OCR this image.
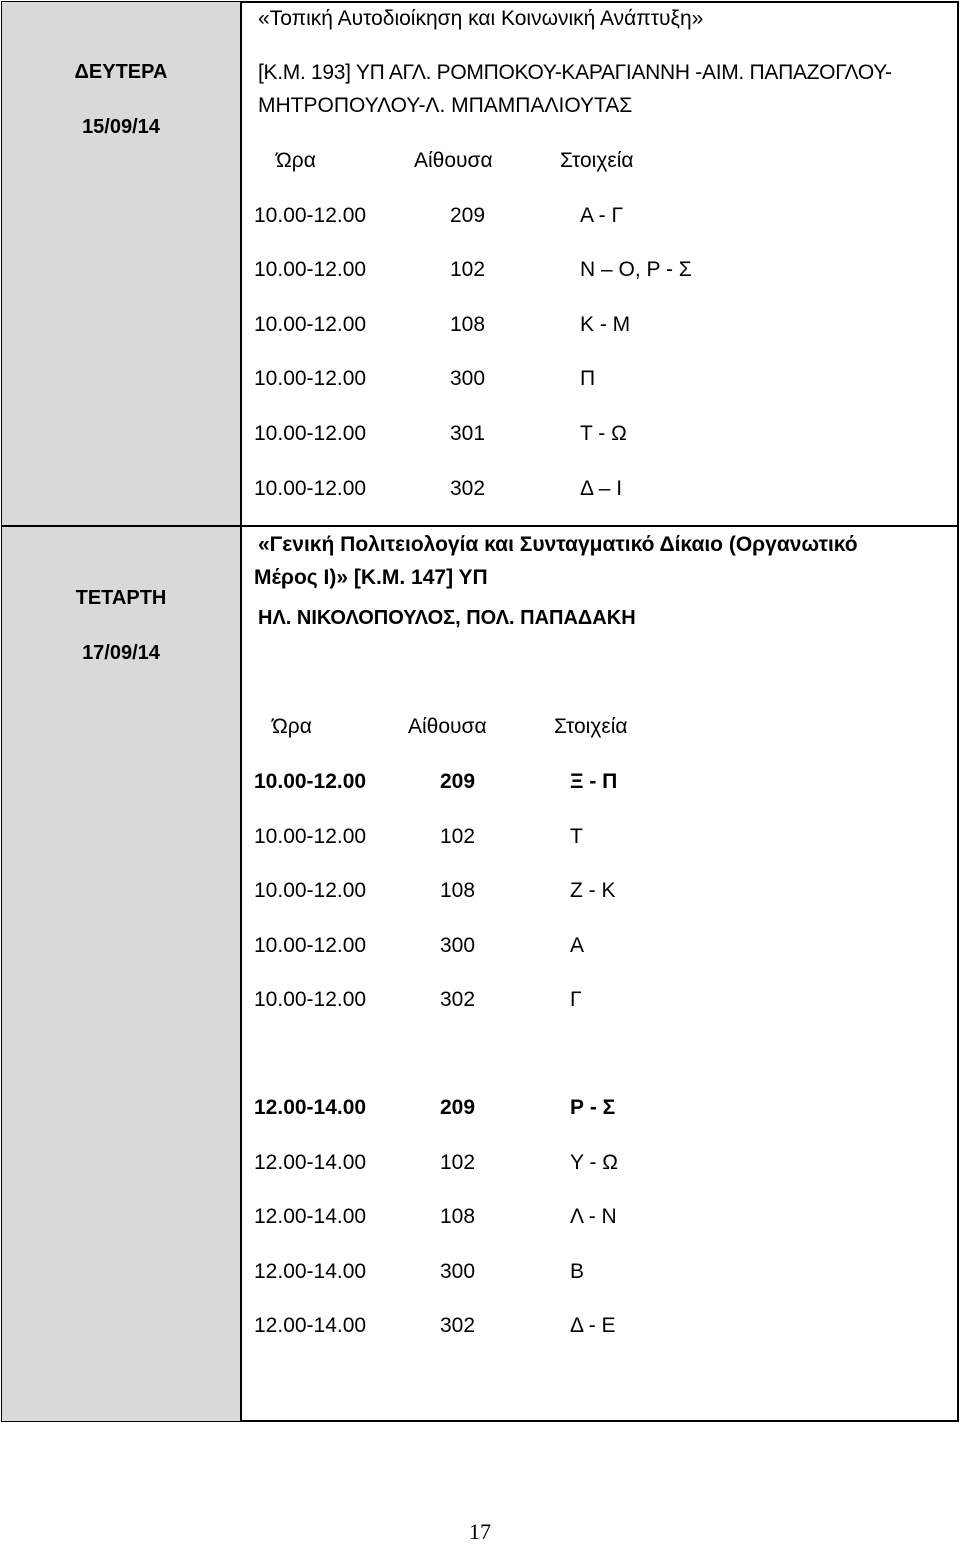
ΔΕΥΤΕΡΑ
15/09/14
«Τοπική Αυτοδιοίκηση και Κοινωνική Ανάπτυξη»
[Κ.Μ. 193] ΥΠ ΑΓΛ. ΡΟΜΠΟΚΟΥ-ΚΑΡΑΓΙΑΝΝΗ -ΑΙΜ. ΠΑΠΑΖΟΓΛΟΥ-
ΜΗΤΡΟΠΟΥΛΟΥ-Λ. ΜΠΑΜΠΑΛΙΟΥΤΑΣ
Ώρα	Αίθουσα	Στοιχεία
10.00-12.00	209	Α - Γ
10.00-12.00	102	Ν – Ο, Ρ - Σ
10.00-12.00	108	Κ - Μ
10.00-12.00	300	Π
10.00-12.00	301	Τ - Ω
10.00-12.00	302	Δ – Ι
ΤΕΤΑΡΤΗ
17/09/14
«Γενική Πολιτειολογία και Συνταγματικό Δίκαιο (Οργανωτικό
Μέρος Ι)» [Κ.Μ. 147] ΥΠ
ΗΛ. ΝΙΚΟΛΟΠΟΥΛΟΣ, ΠΟΛ. ΠΑΠΑΔΑΚΗ
Ώρα	Αίθουσα	Στοιχεία
10.00-12.00	209	Ξ - Π
10.00-12.00	102	Τ
10.00-12.00	108	Ζ - Κ
10.00-12.00	300	Α
10.00-12.00	302	Γ
12.00-14.00	209	Ρ - Σ
12.00-14.00	102	Υ - Ω
12.00-14.00	108	Λ - Ν
12.00-14.00	300	Β
12.00-14.00	302	Δ - Ε
17
